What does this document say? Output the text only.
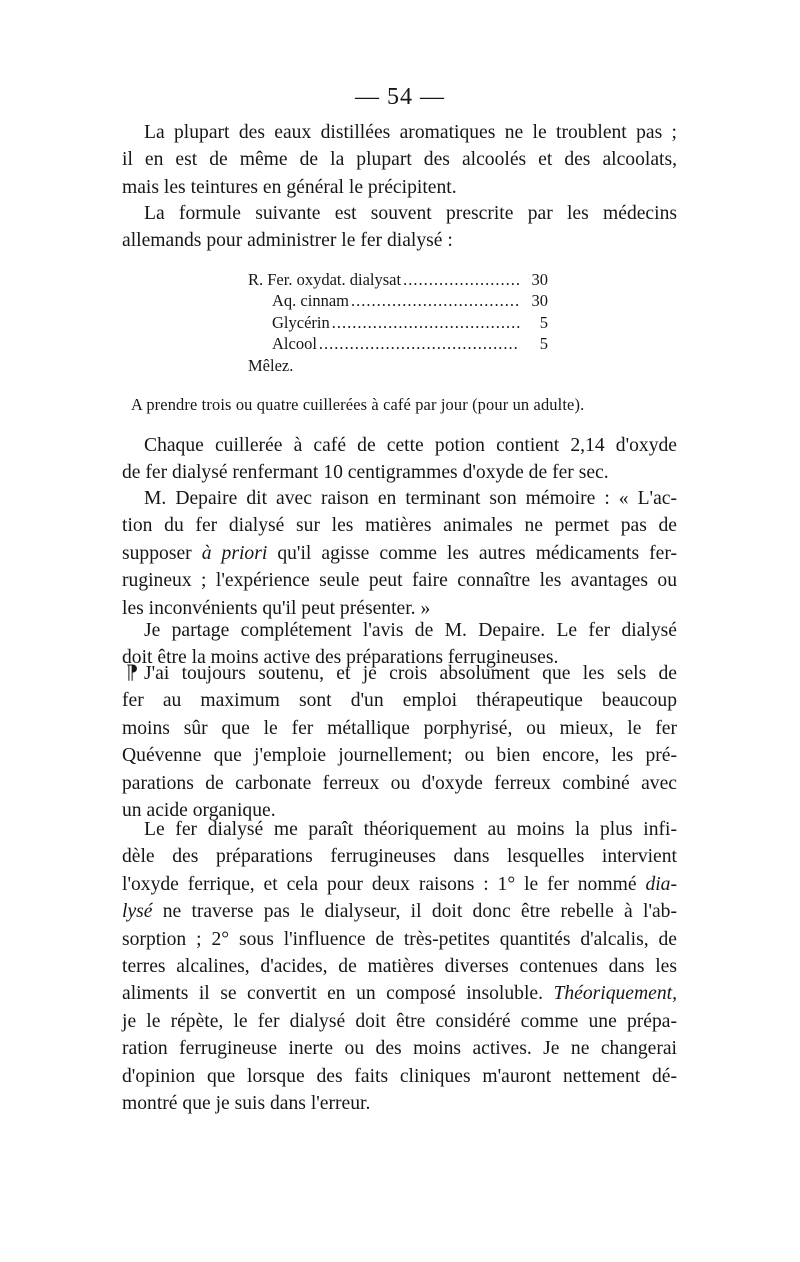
— 54 —
La plupart des eaux distillées aromatiques ne le troublent pas ;
il en est de même de la plupart des alcoolés et des alcoolats,
mais les teintures en général le précipitent.
La formule suivante est souvent prescrite par les médecins
allemands pour administrer le fer dialysé :
R. Fer. oxydat. dialysat .....	30
Aq. cinnam .....	30
Glycérin .....	5
Alcool .....	5
Mêlez.
A prendre trois ou quatre cuillerées à café par jour (pour un adulte).
Chaque cuillerée à café de cette potion contient 2,14 d'oxyde
de fer dialysé renfermant 10 centigrammes d'oxyde de fer sec.
M. Depaire dit avec raison en terminant son mémoire : « L'ac-
tion du fer dialysé sur les matières animales ne permet pas de
supposer à priori qu'il agisse comme les autres médicaments fer-
rugineux ; l'expérience seule peut faire connaître les avantages ou
les inconvénients qu'il peut présenter. »
Je partage complétement l'avis de M. Depaire. Le fer dialysé
doit être la moins active des préparations ferrugineuses.
⁋ J'ai toujours soutenu, et je crois absolument que les sels de
fer au maximum sont d'un emploi thérapeutique beaucoup
moins sûr que le fer métallique porphyrisé, ou mieux, le fer
Quévenne que j'emploie journellement; ou bien encore, les pré-
parations de carbonate ferreux ou d'oxyde ferreux combiné avec
un acide organique.
Le fer dialysé me paraît théoriquement au moins la plus infi-
dèle des préparations ferrugineuses dans lesquelles intervient
l'oxyde ferrique, et cela pour deux raisons : 1° le fer nommé dia-
lysé ne traverse pas le dialyseur, il doit donc être rebelle à l'ab-
sorption ; 2° sous l'influence de très-petites quantités d'alcalis, de
terres alcalines, d'acides, de matières diverses contenues dans les
aliments il se convertit en un composé insoluble. Théoriquement,
je le répète, le fer dialysé doit être considéré comme une prépa-
ration ferrugineuse inerte ou des moins actives. Je ne changerai
d'opinion que lorsque des faits cliniques m'auront nettement dé-
montré que je suis dans l'erreur.
